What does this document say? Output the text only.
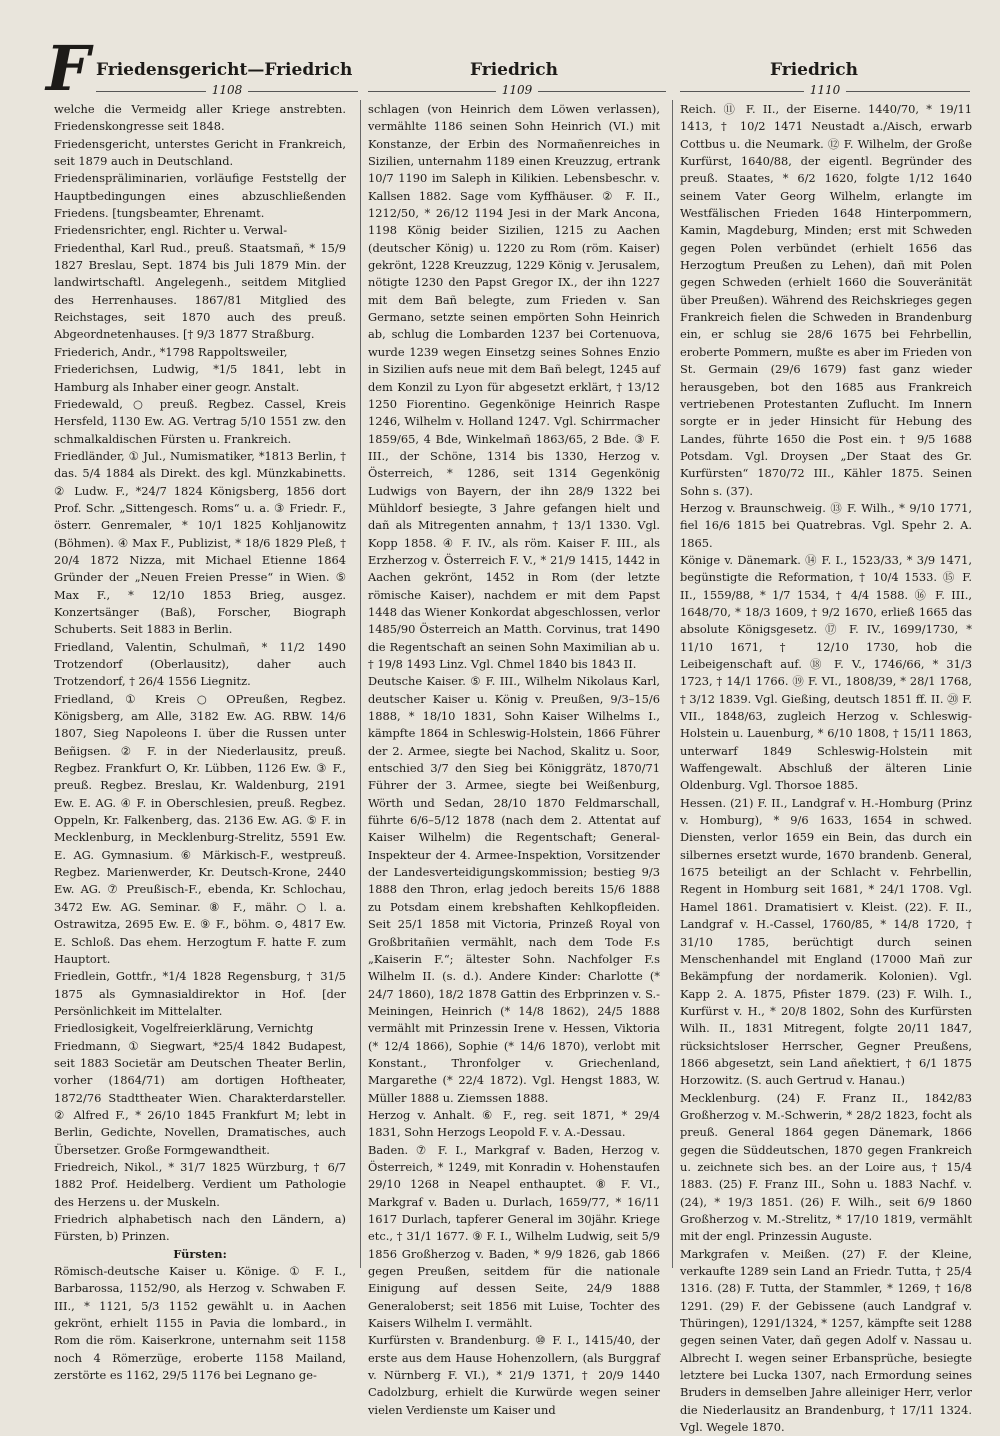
F Friedensgericht—Friedrich	Friedrich	Friedrich
1108	1109	1110

welche die Vermeidg aller Kriege anstrebten. Friedenskongresse seit 1848.

Friedensgericht, unterstes Gericht in Frankreich, seit 1879 auch in Deutschland.

Friedenspräliminarien, vorläufige Feststellg der Hauptbedingungen eines abzuschließenden Friedens. [tungsbeamter, Ehrenamt.

Friedensrichter, engl. Richter u. Verwal-

Friedenthal, Karl Rud., preuß. Staatsmañ, * 15/9 1827 Breslau, Sept. 1874 bis Juli 1879 Min. der landwirtschaftl. Angelegenh., seitdem Mitglied des Herrenhauses. 1867/81 Mitglied des Reichstages, seit 1870 auch des preuß. Abgeordnetenhauses. [† 9/3 1877 Straßburg.

Friederich, Andr., *1798 Rappoltsweiler,

Friederichsen, Ludwig, *1/5 1841, lebt in Hamburg als Inhaber einer geogr. Anstalt.

Friedewald, ○ preuß. Regbez. Cassel, Kreis Hersfeld, 1130 Ew. AG. Vertrag 5/10 1551 zw. den schmalkaldischen Fürsten u. Frankreich.

Friedländer, ① Jul., Numismatiker, *1813 Berlin, † das. 5/4 1884 als Direkt. des kgl. Münzkabinetts. ② Ludw. F., *24/7 1824 Königsberg, 1856 dort Prof. Schr. „Sittengesch. Roms“ u. a. ③ Friedr. F., österr. Genremaler, * 10/1 1825 Kohljanowitz (Böhmen). ④ Max F., Publizist, * 18/6 1829 Pleß, † 20/4 1872 Nizza, mit Michael Etienne 1864 Gründer der „Neuen Freien Presse“ in Wien. ⑤ Max F., * 12/10 1853 Brieg, ausgez. Konzertsänger (Baß), Forscher, Biograph Schuberts. Seit 1883 in Berlin.

Friedland, Valentin, Schulmañ, * 11/2 1490 Trotzendorf (Oberlausitz), daher auch Trotzendorf, † 26/4 1556 Liegnitz.

Friedland, ① Kreis ○ OPreußen, Regbez. Königsberg, am Alle, 3182 Ew. AG. RBW. 14/6 1807, Sieg Napoleons I. über die Russen unter Beñigsen. ② F. in der Niederlausitz, preuß. Regbez. Frankfurt O, Kr. Lübben, 1126 Ew. ③ F., preuß. Regbez. Breslau, Kr. Waldenburg, 2191 Ew. E. AG. ④ F. in Oberschlesien, preuß. Regbez. Oppeln, Kr. Falkenberg, das. 2136 Ew. AG. ⑤ F. in Mecklenburg, in Mecklenburg-Strelitz, 5591 Ew. E. AG. Gymnasium. ⑥ Märkisch-F., westpreuß. Regbez. Marienwerder, Kr. Deutsch-Krone, 2440 Ew. AG. ⑦ Preußisch-F., ebenda, Kr. Schlochau, 3472 Ew. AG. Seminar. ⑧ F., mähr. ○ l. a. Ostrawitza, 2695 Ew. E. ⑨ F., böhm. ⊙, 4817 Ew. E. Schloß. Das ehem. Herzogtum F. hatte F. zum Hauptort.

Friedlein, Gottfr., *1/4 1828 Regensburg, † 31/5 1875 als Gymnasialdirektor in Hof. [der Persönlichkeit im Mittelalter.

Friedlosigkeit, Vogelfreierklärung, Vernichtg

Friedmann, ① Siegwart, *25/4 1842 Budapest, seit 1883 Societär am Deutschen Theater Berlin, vorher (1864/71) am dortigen Hoftheater, 1872/76 Stadttheater Wien. Charakterdarsteller. ② Alfred F., * 26/10 1845 Frankfurt M; lebt in Berlin, Gedichte, Novellen, Dramatisches, auch Übersetzer. Große Formgewandtheit.

Friedreich, Nikol., * 31/7 1825 Würzburg, † 6/7 1882 Prof. Heidelberg. Verdient um Pathologie des Herzens u. der Muskeln.

Friedrich alphabetisch nach den Ländern, a) Fürsten, b) Prinzen.

Fürsten:

Römisch-deutsche Kaiser u. Könige. ① F. I., Barbarossa, 1152/90, als Herzog v. Schwaben F. III., * 1121, 5/3 1152 gewählt u. in Aachen gekrönt, erhielt 1155 in Pavia die lombard., in Rom die röm. Kaiserkrone, unternahm seit 1158 noch 4 Römerzüge, eroberte 1158 Mailand, zerstörte es 1162, 29/5 1176 bei Legnano ge-

schlagen (von Heinrich dem Löwen verlassen), vermählte 1186 seinen Sohn Heinrich (VI.) mit Konstanze, der Erbin des Normañenreiches in Sizilien, unternahm 1189 einen Kreuzzug, ertrank 10/7 1190 im Saleph in Kilikien. Lebensbeschr. v. Kallsen 1882. Sage vom Kyffhäuser. ② F. II., 1212/50, * 26/12 1194 Jesi in der Mark Ancona, 1198 König beider Sizilien, 1215 zu Aachen (deutscher König) u. 1220 zu Rom (röm. Kaiser) gekrönt, 1228 Kreuzzug, 1229 König v. Jerusalem, nötigte 1230 den Papst Gregor IX., der ihn 1227 mit dem Bañ belegte, zum Frieden v. San Germano, setzte seinen empörten Sohn Heinrich ab, schlug die Lombarden 1237 bei Cortenuova, wurde 1239 wegen Einsetzg seines Sohnes Enzio in Sizilien aufs neue mit dem Bañ belegt, 1245 auf dem Konzil zu Lyon für abgesetzt erklärt, † 13/12 1250 Fiorentino. Gegenkönige Heinrich Raspe 1246, Wilhelm v. Holland 1247. Vgl. Schirrmacher 1859/65, 4 Bde, Winkelmañ 1863/65, 2 Bde. ③ F. III., der Schöne, 1314 bis 1330, Herzog v. Österreich, * 1286, seit 1314 Gegenkönig Ludwigs von Bayern, der ihn 28/9 1322 bei Mühldorf besiegte, 3 Jahre gefangen hielt und dañ als Mitregenten annahm, † 13/1 1330. Vgl. Kopp 1858. ④ F. IV., als röm. Kaiser F. III., als Erzherzog v. Österreich F. V., * 21/9 1415, 1442 in Aachen gekrönt, 1452 in Rom (der letzte römische Kaiser), nachdem er mit dem Papst 1448 das Wiener Konkordat abgeschlossen, verlor 1485/90 Österreich an Matth. Corvinus, trat 1490 die Regentschaft an seinen Sohn Maximilian ab u. † 19/8 1493 Linz. Vgl. Chmel 1840 bis 1843 II.

Deutsche Kaiser. ⑤ F. III., Wilhelm Nikolaus Karl, deutscher Kaiser u. König v. Preußen, 9/3–15/6 1888, * 18/10 1831, Sohn Kaiser Wilhelms I., kämpfte 1864 in Schleswig-Holstein, 1866 Führer der 2. Armee, siegte bei Nachod, Skalitz u. Soor, entschied 3/7 den Sieg bei Königgrätz, 1870/71 Führer der 3. Armee, siegte bei Weißenburg, Wörth und Sedan, 28/10 1870 Feldmarschall, führte 6/6–5/12 1878 (nach dem 2. Attentat auf Kaiser Wilhelm) die Regentschaft; General-Inspekteur der 4. Armee-Inspektion, Vorsitzender der Landesverteidigungskommission; bestieg 9/3 1888 den Thron, erlag jedoch bereits 15/6 1888 zu Potsdam einem krebshaften Kehlkopfleiden. Seit 25/1 1858 mit Victoria, Prinzeß Royal von Großbritañien vermählt, nach dem Tode F.s „Kaiserin F.“; ältester Sohn. Nachfolger F.s Wilhelm II. (s. d.). Andere Kinder: Charlotte (* 24/7 1860), 18/2 1878 Gattin des Erbprinzen v. S.-Meiningen, Heinrich (* 14/8 1862), 24/5 1888 vermählt mit Prinzessin Irene v. Hessen, Viktoria (* 12/4 1866), Sophie (* 14/6 1870), verlobt mit Konstant., Thronfolger v. Griechenland, Margarethe (* 22/4 1872). Vgl. Hengst 1883, W. Müller 1888 u. Ziemssen 1888.

Herzog v. Anhalt. ⑥ F., reg. seit 1871, * 29/4 1831, Sohn Herzogs Leopold F. v. A.-Dessau.

Baden. ⑦ F. I., Markgraf v. Baden, Herzog v. Österreich, * 1249, mit Konradin v. Hohenstaufen 29/10 1268 in Neapel enthauptet. ⑧ F. VI., Markgraf v. Baden u. Durlach, 1659/77, * 16/11 1617 Durlach, tapferer General im 30jähr. Kriege etc., † 31/1 1677. ⑨ F. I., Wilhelm Ludwig, seit 5/9 1856 Großherzog v. Baden, * 9/9 1826, gab 1866 gegen Preußen, seitdem für die nationale Einigung auf dessen Seite, 24/9 1888 Generaloberst; seit 1856 mit Luise, Tochter des Kaisers Wilhelm I. vermählt.

Kurfürsten v. Brandenburg. ⑩ F. I., 1415/40, der erste aus dem Hause Hohenzollern, (als Burggraf v. Nürnberg F. VI.), * 21/9 1371, † 20/9 1440 Cadolzburg, erhielt die Kurwürde wegen seiner vielen Verdienste um Kaiser und

Reich. ⑪ F. II., der Eiserne. 1440/70, * 19/11 1413, † 10/2 1471 Neustadt a./Aisch, erwarb Cottbus u. die Neumark. ⑫ F. Wilhelm, der Große Kurfürst, 1640/88, der eigentl. Begründer des preuß. Staates, * 6/2 1620, folgte 1/12 1640 seinem Vater Georg Wilhelm, erlangte im Westfälischen Frieden 1648 Hinterpommern, Kamin, Magdeburg, Minden; erst mit Schweden gegen Polen verbündet (erhielt 1656 das Herzogtum Preußen zu Lehen), dañ mit Polen gegen Schweden (erhielt 1660 die Souveränität über Preußen). Während des Reichskrieges gegen Frankreich fielen die Schweden in Brandenburg ein, er schlug sie 28/6 1675 bei Fehrbellin, eroberte Pommern, mußte es aber im Frieden von St. Germain (29/6 1679) fast ganz wieder herausgeben, bot den 1685 aus Frankreich vertriebenen Protestanten Zuflucht. Im Innern sorgte er in jeder Hinsicht für Hebung des Landes, führte 1650 die Post ein. † 9/5 1688 Potsdam. Vgl. Droysen „Der Staat des Gr. Kurfürsten“ 1870/72 III., Kähler 1875. Seinen Sohn s. (37).

Herzog v. Braunschweig. ⑬ F. Wilh., * 9/10 1771, fiel 16/6 1815 bei Quatrebras. Vgl. Spehr 2. A. 1865.

Könige v. Dänemark. ⑭ F. I., 1523/33, * 3/9 1471, begünstigte die Reformation, † 10/4 1533. ⑮ F. II., 1559/88, * 1/7 1534, † 4/4 1588. ⑯ F. III., 1648/70, * 18/3 1609, † 9/2 1670, erließ 1665 das absolute Königsgesetz. ⑰ F. IV., 1699/1730, * 11/10 1671, † 12/10 1730, hob die Leibeigenschaft auf. ⑱ F. V., 1746/66, * 31/3 1723, † 14/1 1766. ⑲ F. VI., 1808/39, * 28/1 1768, † 3/12 1839. Vgl. Gießing, deutsch 1851 ff. II. ⑳ F. VII., 1848/63, zugleich Herzog v. Schleswig-Holstein u. Lauenburg, * 6/10 1808, † 15/11 1863, unterwarf 1849 Schleswig-Holstein mit Waffengewalt. Abschluß der älteren Linie Oldenburg. Vgl. Thorsoe 1885.

Hessen. (21) F. II., Landgraf v. H.-Homburg (Prinz v. Homburg), * 9/6 1633, 1654 in schwed. Diensten, verlor 1659 ein Bein, das durch ein silbernes ersetzt wurde, 1670 brandenb. General, 1675 beteiligt an der Schlacht v. Fehrbellin, Regent in Homburg seit 1681, * 24/1 1708. Vgl. Hamel 1861. Dramatisiert v. Kleist. (22). F. II., Landgraf v. H.-Cassel, 1760/85, * 14/8 1720, † 31/10 1785, berüchtigt durch seinen Menschenhandel mit England (17000 Mañ zur Bekämpfung der nordamerik. Kolonien). Vgl. Kapp 2. A. 1875, Pfister 1879. (23) F. Wilh. I., Kurfürst v. H., * 20/8 1802, Sohn des Kurfürsten Wilh. II., 1831 Mitregent, folgte 20/11 1847, rücksichtsloser Herrscher, Gegner Preußens, 1866 abgesetzt, sein Land añektiert, † 6/1 1875 Horzowitz. (S. auch Gertrud v. Hanau.)

Mecklenburg. (24) F. Franz II., 1842/83 Großherzog v. M.-Schwerin, * 28/2 1823, focht als preuß. General 1864 gegen Dänemark, 1866 gegen die Süddeutschen, 1870 gegen Frankreich u. zeichnete sich bes. an der Loire aus, † 15/4 1883. (25) F. Franz III., Sohn u. 1883 Nachf. v. (24), * 19/3 1851. (26) F. Wilh., seit 6/9 1860 Großherzog v. M.-Strelitz, * 17/10 1819, vermählt mit der engl. Prinzessin Auguste.

Markgrafen v. Meißen. (27) F. der Kleine, verkaufte 1289 sein Land an Friedr. Tutta, † 25/4 1316. (28) F. Tutta, der Stammler, * 1269, † 16/8 1291. (29) F. der Gebissene (auch Landgraf v. Thüringen), 1291/1324, * 1257, kämpfte seit 1288 gegen seinen Vater, dañ gegen Adolf v. Nassau u. Albrecht I. wegen seiner Erbansprüche, besiegte letztere bei Lucka 1307, nach Ermordung seines Bruders in demselben Jahre alleiniger Herr, verlor die Niederlausitz an Brandenburg, † 17/11 1324. Vgl. Wegele 1870.
